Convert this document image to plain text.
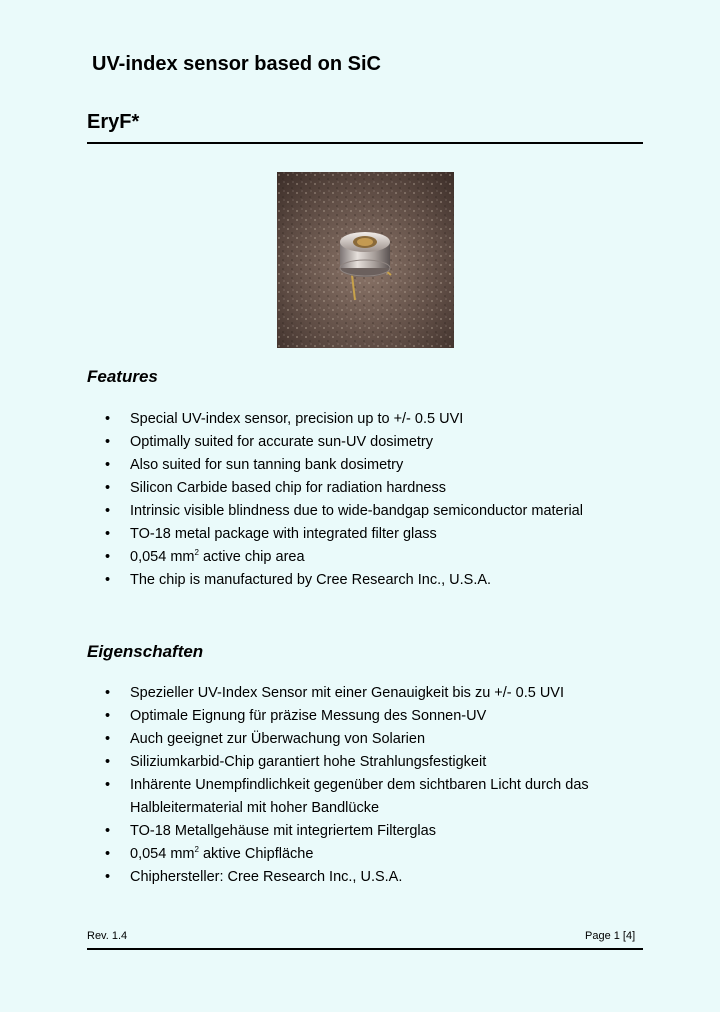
UV-index sensor based on SiC
EryF*
Features
• Special UV-index sensor, precision up to +/- 0.5 UVI
• Optimally suited for accurate sun-UV dosimetry
• Also suited for sun tanning bank dosimetry
• Silicon Carbide based chip for radiation hardness
• Intrinsic visible blindness due to wide-bandgap semiconductor material
• TO-18 metal package with integrated filter glass
• 0,054 $mm^2$ active chip area
• The chip is manufactured by Cree Research Inc., U.S.A.
Eigenschaften
• Spezieller UV-Index Sensor mit einer Genauigkeit bis zu +/- 0.5 UVI
• Optimale Eignung für präzise Messung des Sonnen-UV
• Auch geeignet zur Überwachung von Solarien
• Siliziumkarbid-Chip garantiert hohe Strahlungsfestigkeit
• Inhärente Unempfindlichkeit gegenüber dem sichtbaren Licht durch das Halbleitermaterial mit hoher Bandlücke
• TO-18 Metallgehäuse mit integriertem Filterglas
• 0,054 $mm^2$ aktive Chipfläche
• Chiphersteller: Cree Research Inc., U.S.A.
Rev. 1.4	Page 1 [4]
